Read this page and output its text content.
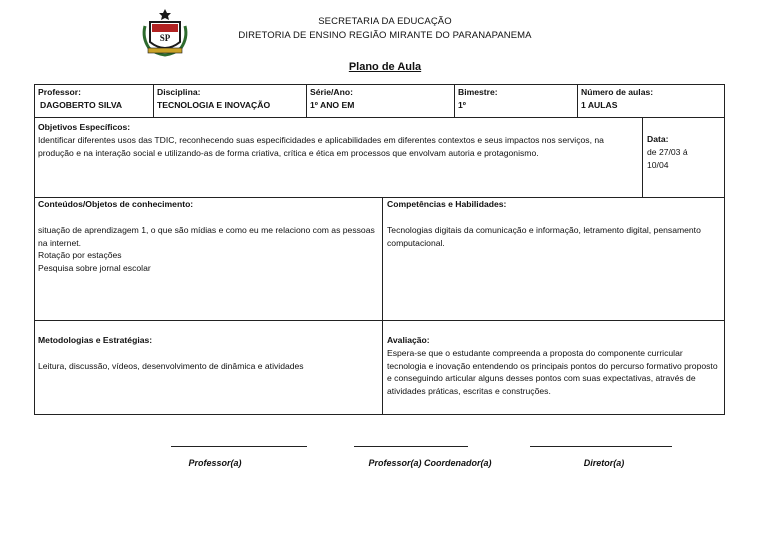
SP
SECRETARIA DA EDUCAÇÃO
DIRETORIA DE ENSINO REGIÃO MIRANTE DO PARANAPANEMA
Plano de Aula
Professor:
DAGOBERTO SILVA
Disciplina:
TECNOLOGIA E INOVAÇÃO
Série/Ano:
1º ANO EM
Bimestre:
1º
Número de aulas:
1 AULAS
Objetivos Específicos:
Identificar diferentes usos das TDIC, reconhecendo suas especificidades e aplicabilidades em diferentes contextos e seus impactos nos serviços, na produção e na interação social e utilizando-as de forma criativa, crítica e ética em processos que envolvam autoria e protagonismo.
Data:
de 27/03 á
10/04
Conteúdos/Objetos de conhecimento:
situação de aprendizagem 1, o que são mídias e como eu me relaciono com as pessoas na internet.
Rotação por estações
Pesquisa sobre jornal escolar
Competências e Habilidades:
Tecnologias digitais da comunicação e informação, letramento digital, pensamento computacional.
Metodologias e Estratégias:
Leitura, discussão, vídeos, desenvolvimento de dinâmica e atividades
Avaliação:
Espera-se que o estudante compreenda a proposta do componente curricular tecnologia e inovação entendendo os principais pontos do percurso formativo proposto e conseguindo articular alguns desses pontos com suas expectativas, através de atividades práticas, escritas e construções.
Professor(a)	Professor(a) Coordenador(a)	Diretor(a)
